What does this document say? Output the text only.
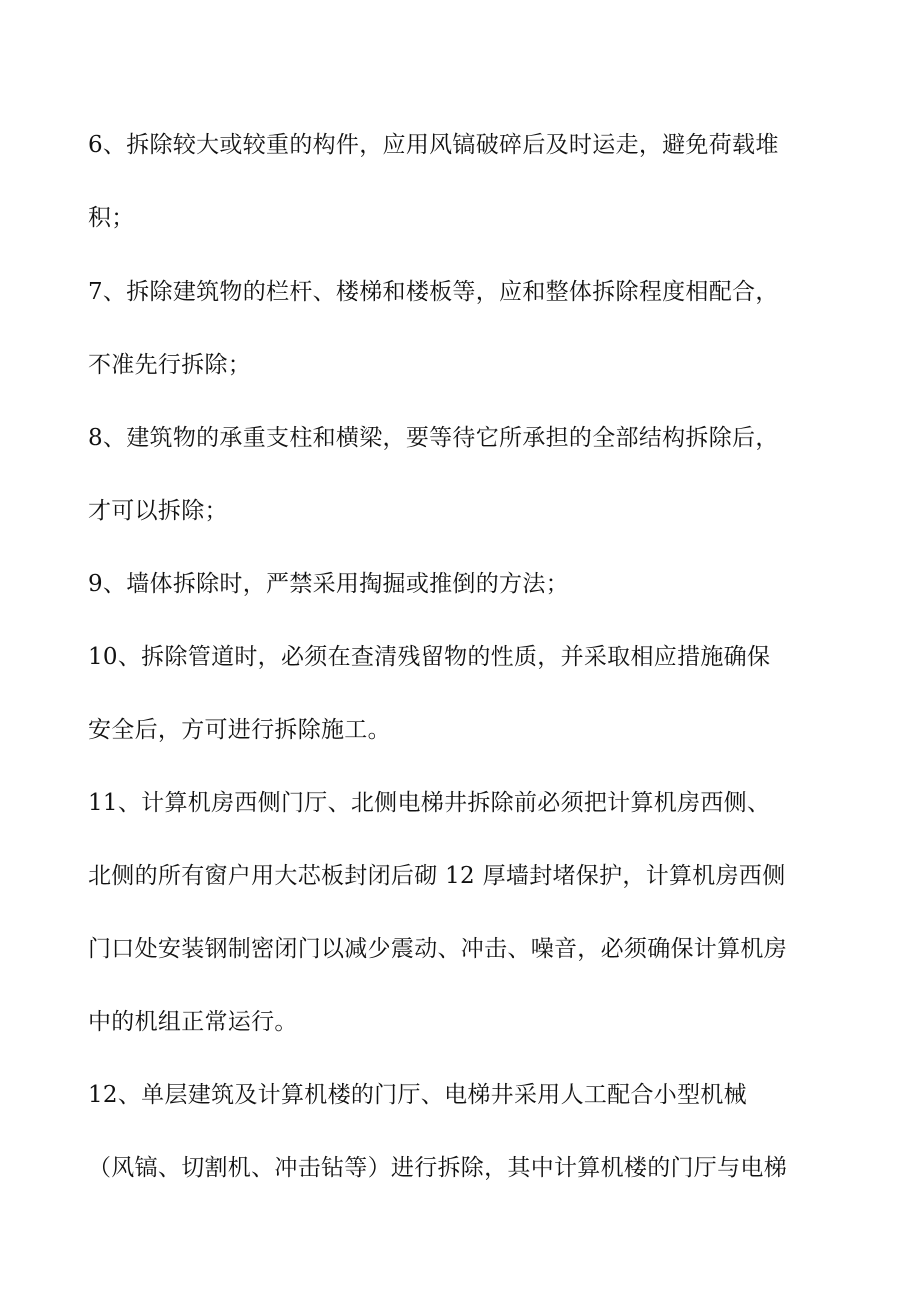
6、拆除较大或较重的构件，应用风镐破碎后及时运走，避免荷载堆
积；
7、拆除建筑物的栏杆、楼梯和楼板等，应和整体拆除程度相配合，
不准先行拆除；
8、建筑物的承重支柱和横梁，要等待它所承担的全部结构拆除后，
才可以拆除；
9、墙体拆除时，严禁采用掏掘或推倒的方法；
10、拆除管道时，必须在查清残留物的性质，并采取相应措施确保
安全后，方可进行拆除施工。
11、计算机房西侧门厅、北侧电梯井拆除前必须把计算机房西侧、
北侧的所有窗户用大芯板封闭后砌 12 厚墙封堵保护，计算机房西侧
门口处安装钢制密闭门以减少震动、冲击、噪音，必须确保计算机房
中的机组正常运行。
12、单层建筑及计算机楼的门厅、电梯井采用人工配合小型机械
（风镐、切割机、冲击钻等）进行拆除，其中计算机楼的门厅与电梯
